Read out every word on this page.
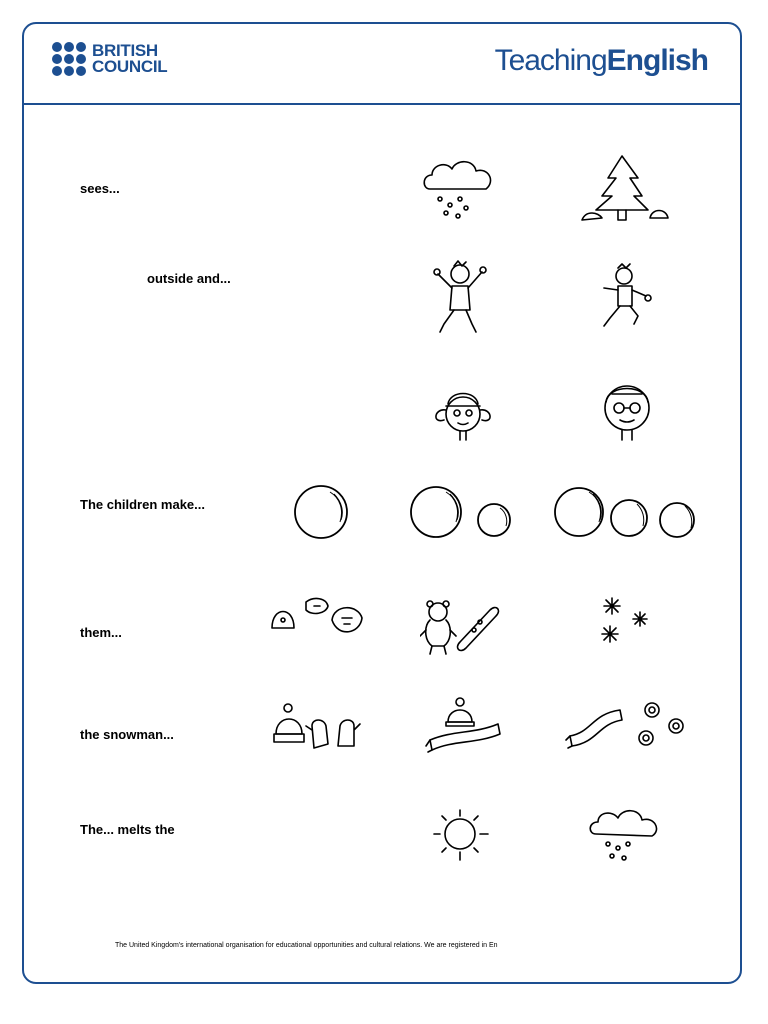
BRITISH
COUNCIL	TeachingEnglish
sees...
outside and...
The children make...
them...
the snowman...
The... melts the
The United Kingdom's international organisation for educational opportunities and cultural relations. We are registered in En
